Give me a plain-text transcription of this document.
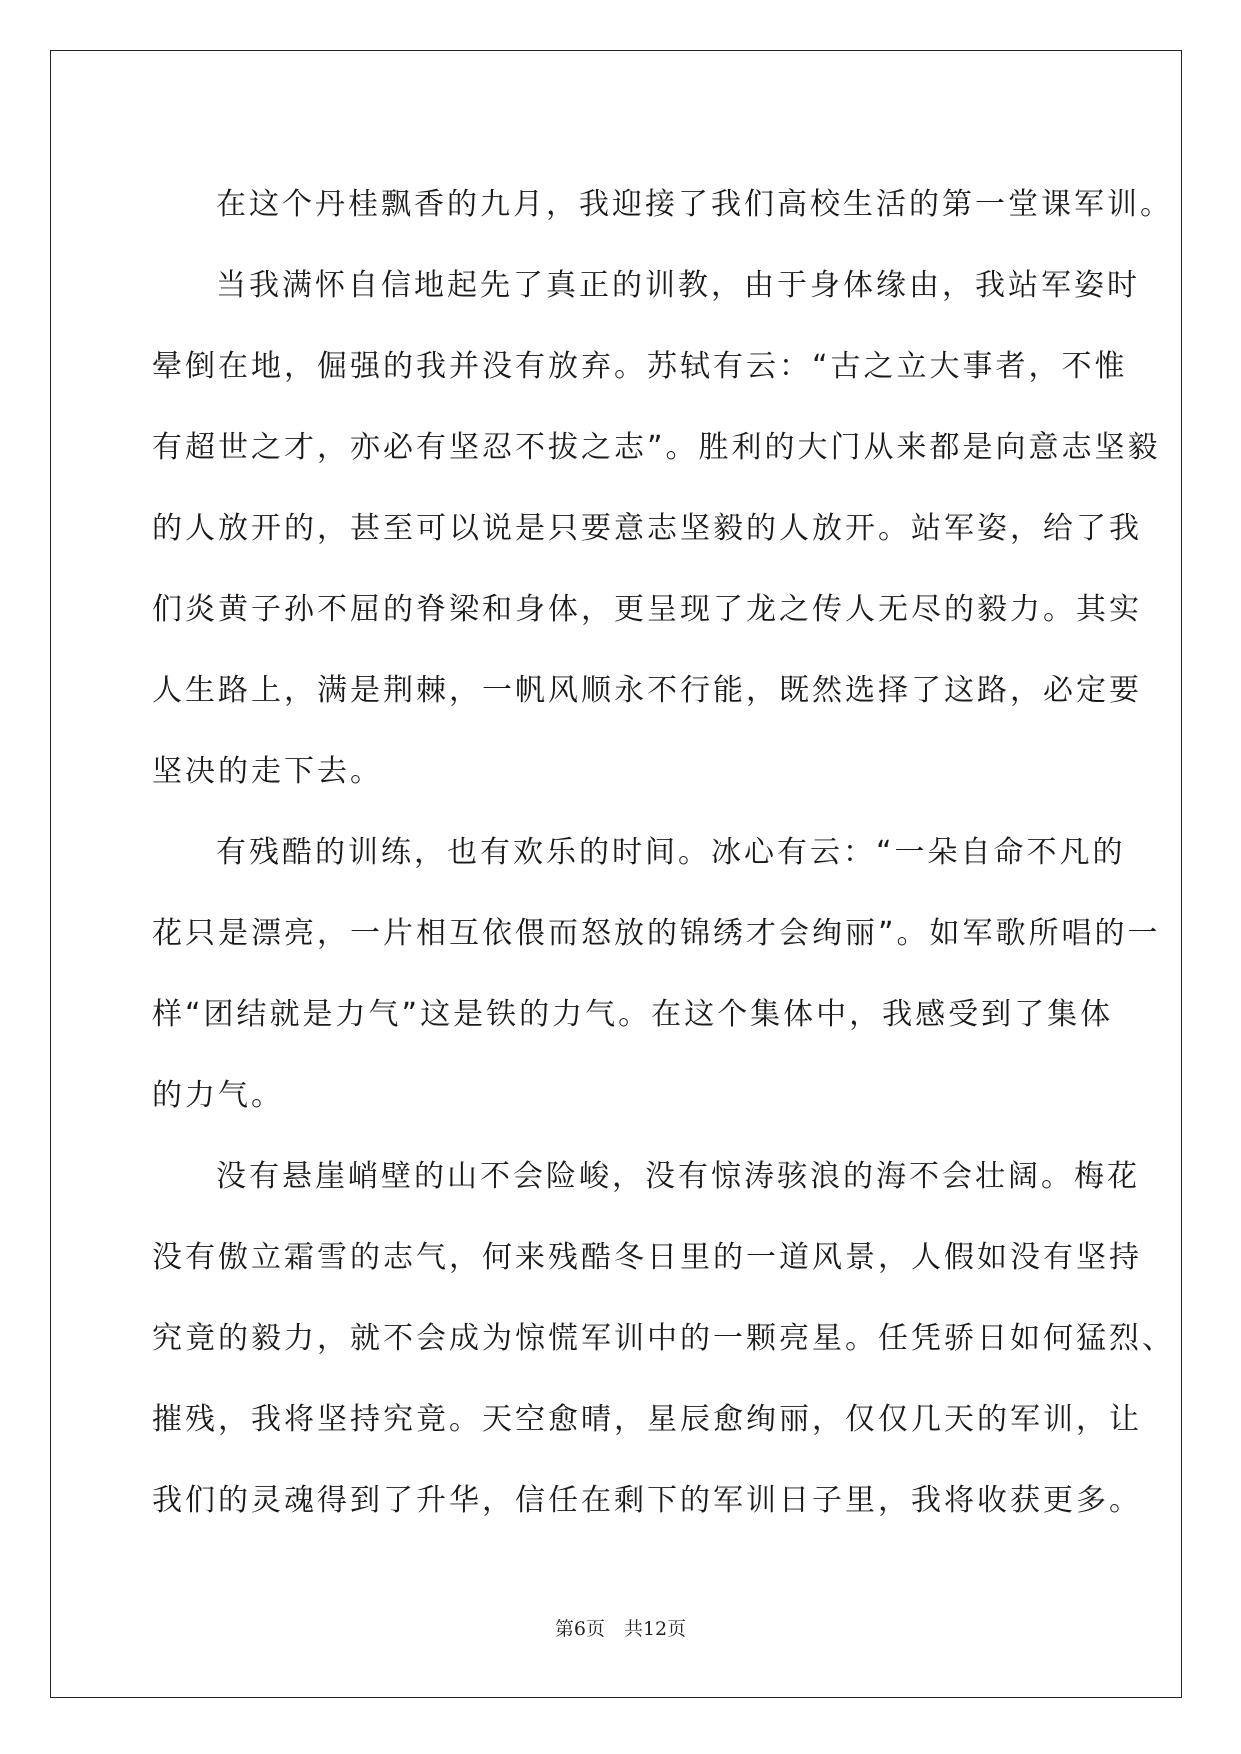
在这个丹桂飘香的九月，我迎接了我们高校生活的第一堂课军训。
当我满怀自信地起先了真正的训教，由于身体缘由，我站军姿时
晕倒在地，倔强的我并没有放弃。苏轼有云：“古之立大事者，不惟
有超世之才，亦必有坚忍不拔之志”。胜利的大门从来都是向意志坚毅
的人放开的，甚至可以说是只要意志坚毅的人放开。站军姿，给了我
们炎黄子孙不屈的脊梁和身体，更呈现了龙之传人无尽的毅力。其实
人生路上，满是荆棘，一帆风顺永不行能，既然选择了这路，必定要
坚决的走下去。
有残酷的训练，也有欢乐的时间。冰心有云：“一朵自命不凡的
花只是漂亮，一片相互依偎而怒放的锦绣才会绚丽”。如军歌所唱的一
样“团结就是力气”这是铁的力气。在这个集体中，我感受到了集体
的力气。
没有悬崖峭壁的山不会险峻，没有惊涛骇浪的海不会壮阔。梅花
没有傲立霜雪的志气，何来残酷冬日里的一道风景，人假如没有坚持
究竟的毅力，就不会成为惊慌军训中的一颗亮星。任凭骄日如何猛烈、
摧残，我将坚持究竟。天空愈晴，星辰愈绚丽，仅仅几天的军训，让
我们的灵魂得到了升华，信任在剩下的军训日子里，我将收获更多。
第6页　共12页
